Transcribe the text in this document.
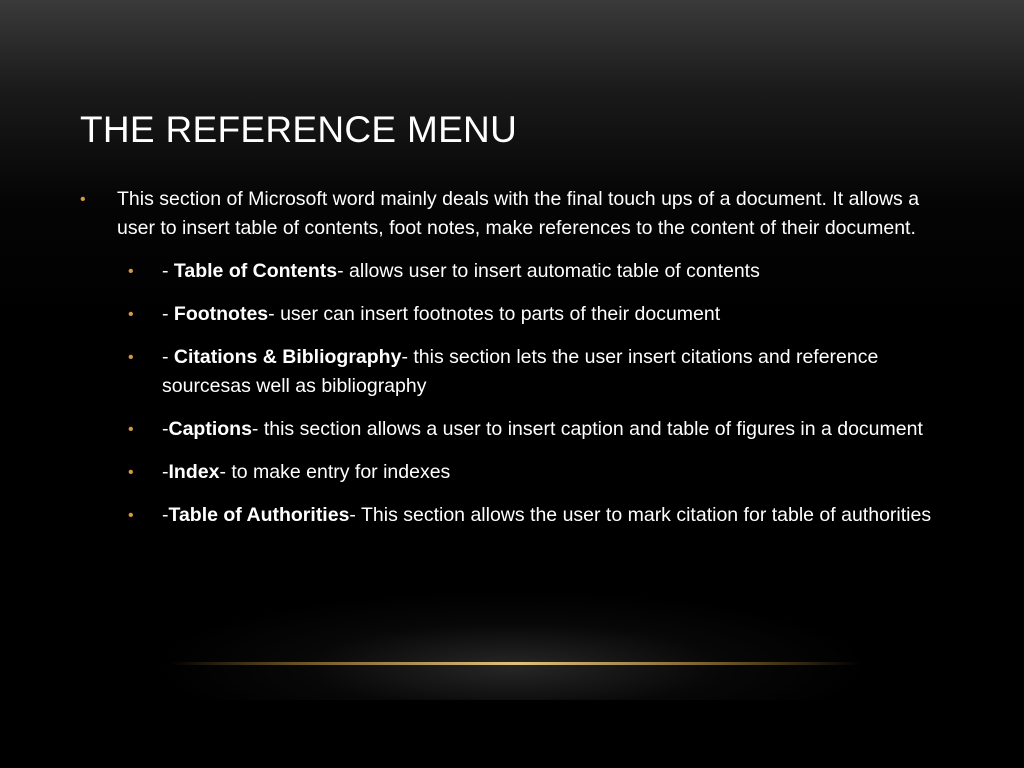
THE REFERENCE MENU
• This section of Microsoft word mainly deals with the final touch ups of a document. It allows a user to insert table of contents, foot notes, make references to the content of their document.
• - Table of Contents- allows user to insert automatic table of contents
• - Footnotes- user can insert footnotes to parts of their document
• - Citations & Bibliography- this section lets the user insert citations and reference sourcesas well as bibliography
• -Captions- this section allows a user to insert caption and table of figures in a document
• -Index- to make entry for indexes
• -Table of Authorities- This section allows the user to mark citation for table of authorities
